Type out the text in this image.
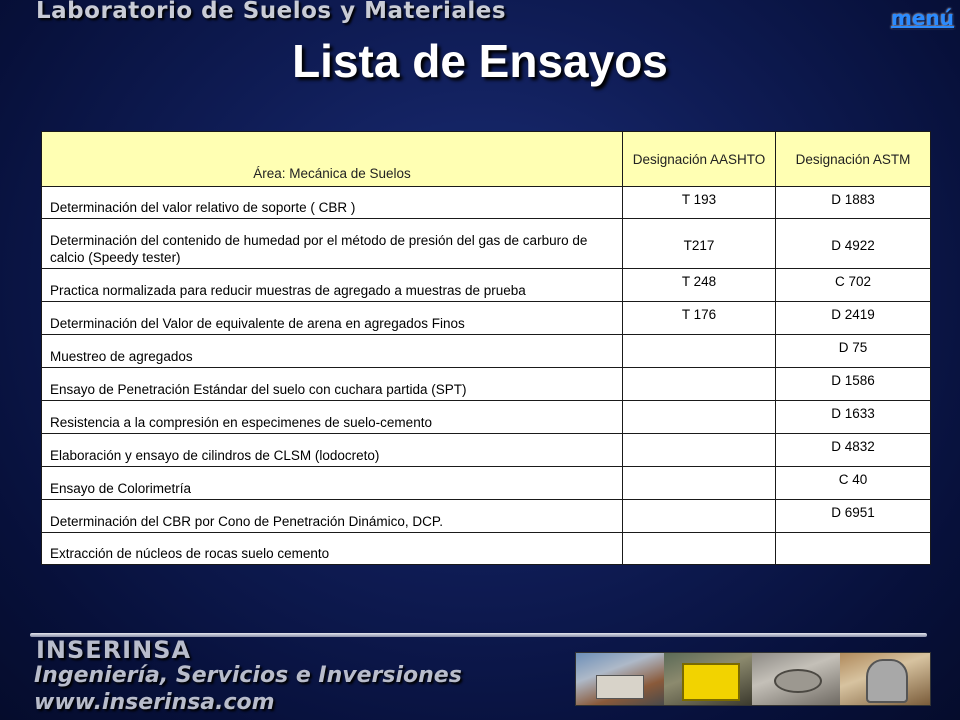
Laboratorio de Suelos y Materiales	menú
Lista de Ensayos
Área: Mecánica de Suelos	Designación AASHTO	Designación ASTM
Determinación del valor relativo de soporte ( CBR )	T 193	D 1883
Determinación del contenido de humedad por el método de presión del gas de carburo de calcio (Speedy tester)	T217	D 4922
Practica normalizada para reducir muestras de agregado a muestras de prueba	T 248	C 702
Determinación del Valor de equivalente de arena en agregados Finos	T 176	D 2419
Muestreo de agregados		D 75
Ensayo de Penetración Estándar del suelo con cuchara partida (SPT)		D 1586
Resistencia a la compresión en especimenes de suelo-cemento		D 1633
Elaboración y ensayo de cilindros de CLSM (lodocreto)		D 4832
Ensayo de Colorimetría		C 40
Determinación del CBR por Cono de Penetración Dinámico, DCP.		D 6951
Extracción de núcleos de rocas suelo cemento		
INSERINSA
Ingeniería, Servicios e Inversiones
www.inserinsa.com
